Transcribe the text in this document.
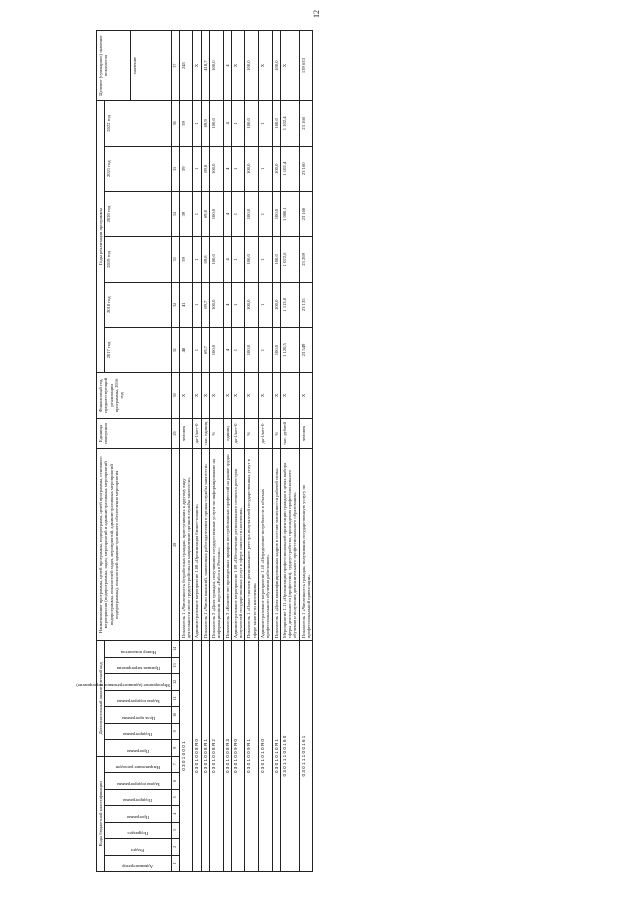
12
Коды бюджетной классификации							Дополнительный аналитический код							Наименование программы, целей программы, подпрограмм, целей программы, основного мероприятия (подпрограммы, задач, мероприятий и административных мероприятий подпрограммы, показателей задач, мероприятий, административных мероприятий подпрограммы), показателей административного обеспечения мероприятия	Единица измерения	Финансовый год, предшествующий реализации программы, 2016 год	Годы реализации программы						Целевое (суммарное) значение показателя

Администратор	Раздел	Подраздел	Программа	Подпрограмма	Задача подпрограммы	Направление расходов	Программа	Подпрограмма	Цель программы	Задача подпрограммы	Мероприятие (административное мероприятие)	Признак мероприятия	Номер показателя				2017 год	2018 год	2019 год	2020 год	2021 год	2022 год	
																							значение
1	2	3	4	5	6	7	8	9	10	11	12	13	14	28	29	30	31	32	33	34	35	36	37
0 3 0 1 0 0 0 1														Показатель 1 «Численность безработных граждан, приступивших к другому виду деятельности после трудоустройства по направлению органов службы занятости»	человек	X	48	41	39	39	39	39	245
0 3 0 1 0 0 8 Я 0														Административное мероприятие 1.08 «Организация бизнес-планов»	да-1/нет-0	X	1	1	1	1	1	1	X
0 3 0 1 0 0 8 Я 1														Показатель 1 «Число вакансий, заявленных работодателями в органы службы занятости»	тыс. единиц	X	69,7	69,7	69,8	69,8	69,8	69,9	418,7
0 3 0 1 0 0 8 Я 2														Показатель 2 «Доля граждан, получивших государственные услуги по информированию на информационном портале «Работа в России»»	%	X	100,0	100,0	100,0	100,0	100,0	100,0	100,0
0 3 0 1 0 0 8 Я 3														Показатель 3 «Количество проведенных ярмарок востребованных профессий на рынке труда»	единиц	X	4	4	4	4	4	4	4
0 3 0 1 0 0 9 Я 0														Административное мероприятие 1.09 «Обеспечение регионального сегмента реестров получателей государственных услуг в сфере занятости населения»	да-1/нет-0	X	1	1	1	1	1	1	X
0 3 0 1 0 0 9 Я 1														Показатель 1 «Охват снятием регионального реестра получателей государственных услуг в сфере занятости населения»	%	X	100,0	100,0	100,0	100,0	100,0	100,0	100,0
0 3 0 1 0 1 0 Я 0														Административное мероприятие 1.10 «Определение потребности в объемах профессионального обучения работников»	да-1/нет-0	X	1	1	1	1	1	1	X
0 3 0 1 0 1 0 Я 1														Показатель 1 «Доля квалифицированных кадров в составе численности рабочей силы»	%	X	100,0	100,0	100,0	100,0	100,0	100,0	100,0
0 3 0 1 1 1 0 0 1 6 0														Мероприятие 1.11 «Организация профессиональной ориентации граждан в целях выбора сферы деятельности (профессии), трудоустройства, прохождения профессионального обучения и получения дополнительного профессионального образования»	тыс. рублей	X	1 120,5	1 113,8	1 022,6	1 080,1	1 102,4	1 102,4	X
0 3 0 1 1 1 0 0 1 6 1														Показатель 1 «Численность граждан, получивших государственную услугу по профессиональной ориентации»	человек	X	23 549	23 135	23 269	23 160	23 160	23 160	139 633
